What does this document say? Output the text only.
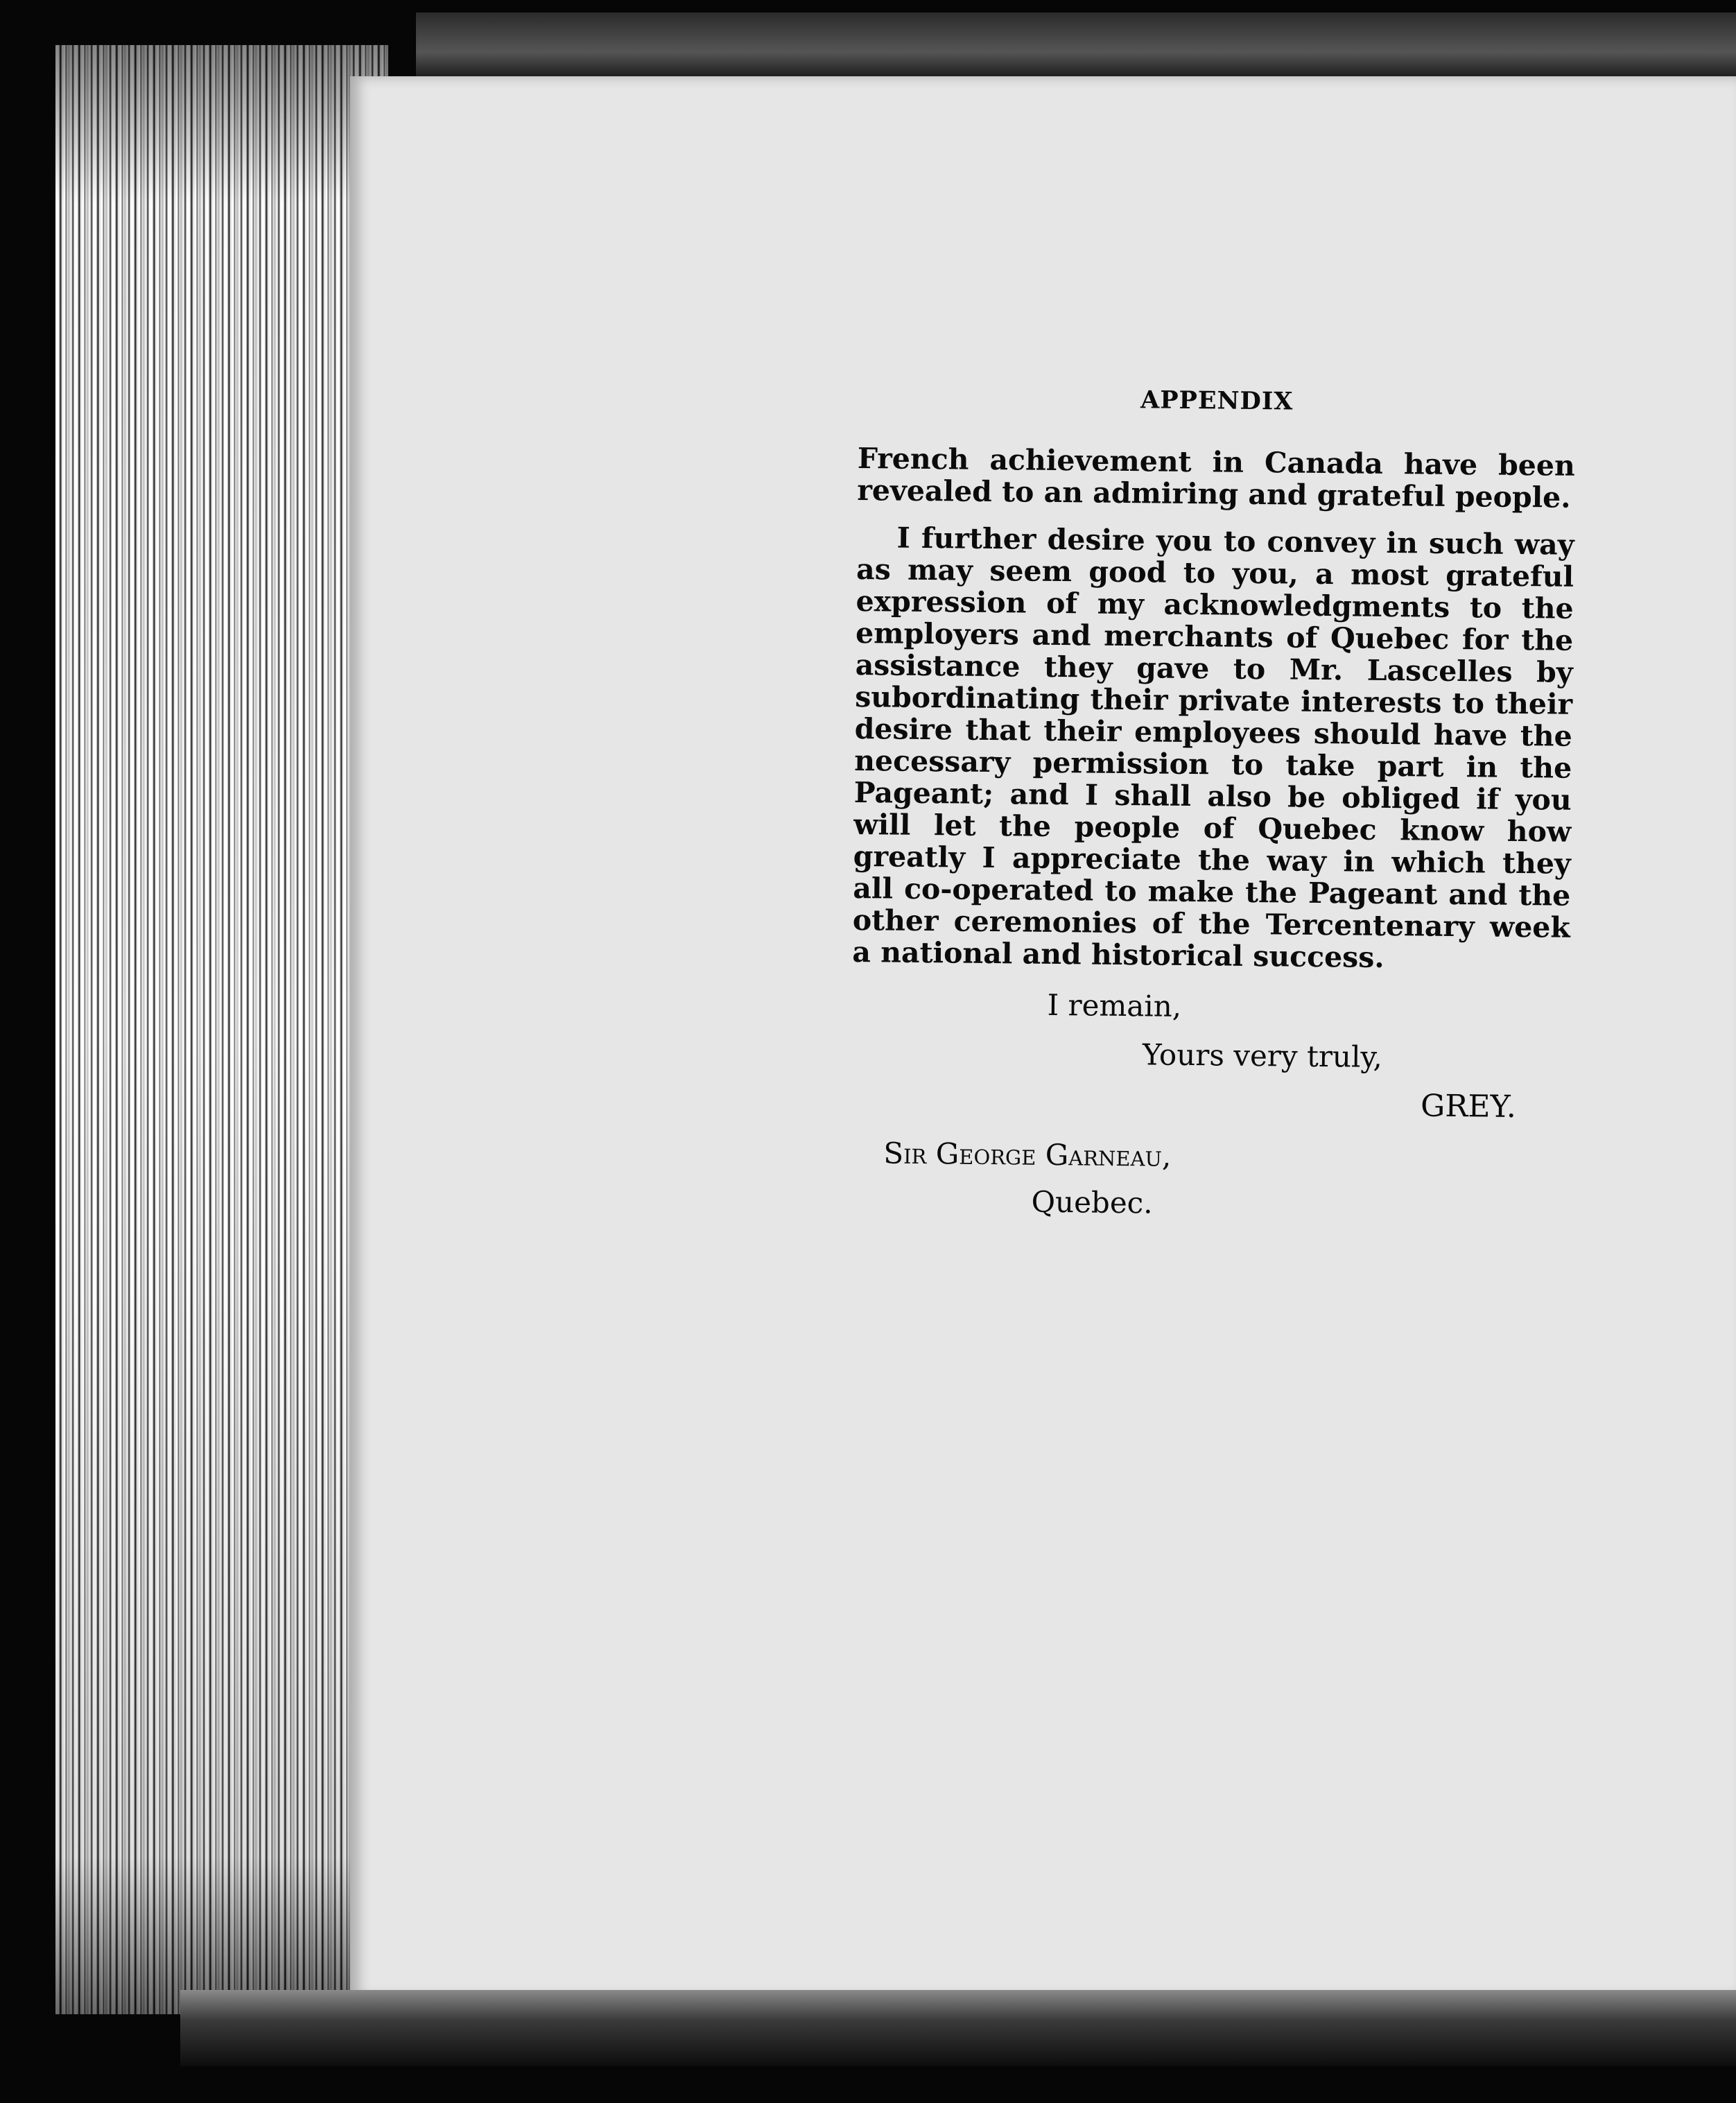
APPENDIX

French achievement in Canada have been revealed to an admiring and grateful people.

I further desire you to convey in such way as may seem good to you, a most grateful expression of my acknowledgments to the employers and merchants of Quebec for the assistance they gave to Mr. Lascelles by subordinating their private interests to their desire that their employees should have the necessary permission to take part in the Pageant; and I shall also be obliged if you will let the people of Quebec know how greatly I appreciate the way in which they all co-operated to make the Pageant and the other ceremonies of the Tercentenary week a national and historical success.

I remain,
Yours very truly,
GREY.
Sir George Garneau,
Quebec.
